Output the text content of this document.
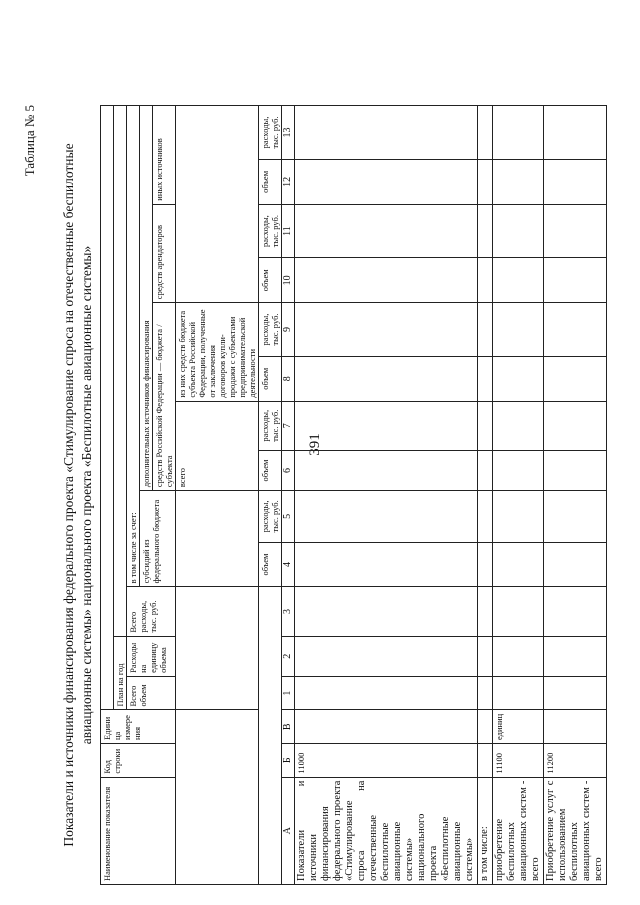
391
Таблица № 5
Показатели и источники финансирования федерального проекта «Стимулирование спроса на отечественные беспилотные авиационные системы» национального проекта «Беспилотные авиационные системы»
Наименование показателя	Код строки	Единица измерения													
			План на год												
			Всего объем	Расходы на единицу объема	Всего расходы, тыс. руб.	в том числе за счет:									
						субсидий из федерального бюджета		дополнительных источников финансирования							
								средств Российской Федерации — бюджета / субъекта				средств арендаторов		иных источников	
								всего		из них средств бюджета субъекта Российской Федерации, полученные от заключения договоров купли-продажи с субъектами предпринимательской деятельности					
						объем	расходы, тыс. руб.	объем	расходы, тыс. руб.	объем	расходы, тыс. руб.	объем	расходы, тыс. руб.	объем	расходы, тыс. руб.
А	Б	В	1	2	3	4	5	6	7	8	9	10	11	12	13
Показатели и источники финансирования федерального проекта «Стимулирование спроса на отечественные беспилотные авиационные системы» национального проекта «Беспилотные авиационные системы»	11000														
в том числе:															
приобретение беспилотных авиационных систем - всего	11100	единиц													
Приобретение услуг с использованием беспилотных авиационных систем - всего	11200														
